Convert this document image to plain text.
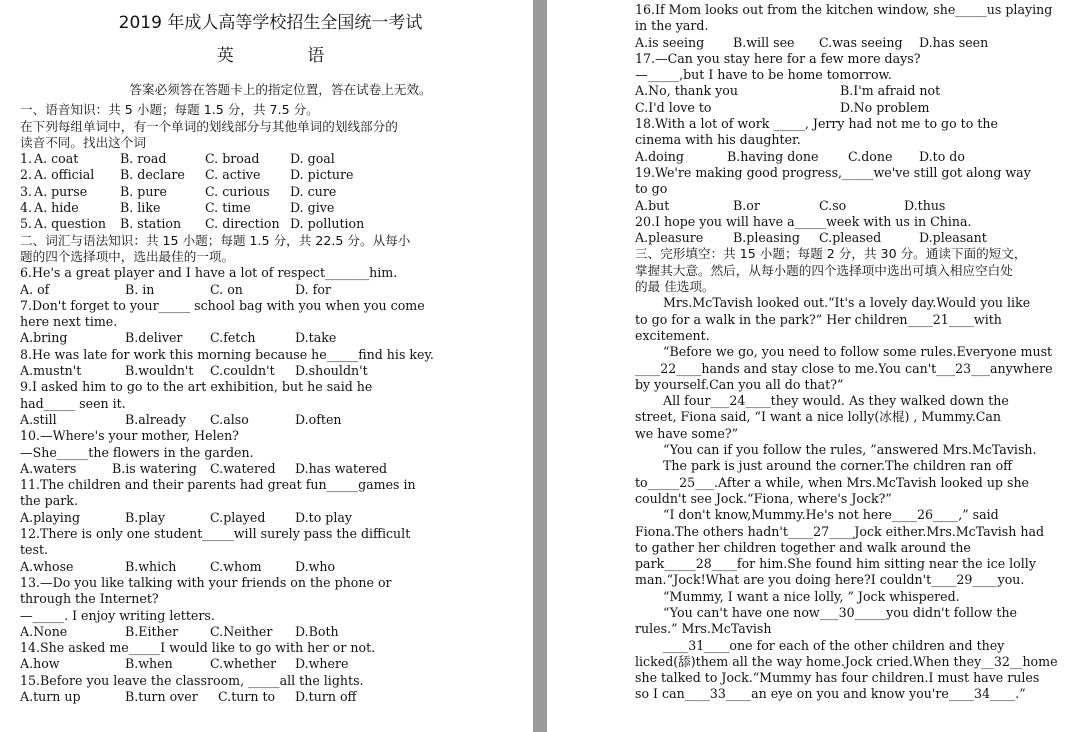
2019 年成人高等学校招生全国统一考试
英 语
答案必须答在答题卡上的指定位置，答在试卷上无效。
一、语音知识：共 5 小题；每题 1.5 分，共 7.5 分。
在下列每组单词中，有一个单词的划线部分与其他单词的划线部分的
读音不同。找出这个词
1. A. coat	B. road	C. broad	D. goal
2. A. official	B. declare	C. active	D. picture
3. A. purse	B. pure	C. curious	D. cure
4. A. hide	B. like	C. time	D. give
5. A. question	B. station	C. direction D. pollution
二、词汇与语法知识：共 15 小题；每题 1.5 分，共 22.5 分。从每小
题的四个选择项中，选出最佳的一项。
6.He's a great player and I have a lot of respect_______him.
A. of	B. in	C. on	D. for
7.Don't forget to your_____ school bag with you when you come
here next time.
A.bring	B.deliver	C.fetch	D.take
8.He was late for work this morning because he_____find his key.
A.mustn't	B.wouldn't	C.couldn't	D.shouldn't
9.I asked him to go to the art exhibition, but he said he
had_____ seen it.
A.still	B.already	C.also	D.often
10.—Where's your mother, Helen?
—She_____the flowers in the garden.
A.waters	B.is watering	C.watered	D.has watered
11.The children and their parents had great fun_____games in
the park.
A.playing	B.play	C.played	D.to play
12.There is only one student_____will surely pass the difficult
test.
A.whose	B.which	C.whom	D.who
13.—Do you like talking with your friends on the phone or
through the Internet?
—_____. I enjoy writing letters.
A.None	B.Either	C.Neither	D.Both
14.She asked me_____I would like to go with her or not.
A.how	B.when	C.whether	D.where
15.Before you leave the classroom, _____all the lights.
A.turn up	B.turn over	C.turn to	D.turn off
16.If Mom looks out from the kitchen window, she_____us playing
in the yard.
A.is seeing	B.will see	C.was seeing	D.has seen
17.—Can you stay here for a few more days?
—_____,but I have to be home tomorrow.
A.No, thank you	B.I'm afraid not
C.I'd love to	D.No problem
18.With a lot of work _____, Jerry had not me to go to the
cinema with his daughter.
A.doing	B.having done	C.done	D.to do
19.We're making good progress,_____we've still got along way
to go
A.but	B.or	C.so	D.thus
20.I hope you will have a_____week with us in China.
A.pleasure	B.pleasing	C.pleased	D.pleasant
三、完形填空：共 15 小题；每题 2 分，共 30 分。通读下面的短文，
掌握其大意。然后，从每小题的四个选择项中选出可填入相应空白处
的最 佳选项。
Mrs.McTavish looked out.“It's a lovely day.Would you like
to go for a walk in the park?” Her children____21____with
excitement.
“Before we go, you need to follow some rules.Everyone must
____22____hands and stay close to me.You can't___23___anywhere
by yourself.Can you all do that?”
All four___24____they would. As they walked down the
street, Fiona said, “I want a nice lolly(冰棍) , Mummy.Can
we have some?”
“You can if you follow the rules, ”answered Mrs.McTavish.
The park is just around the corner.The children ran off
to_____25___.After a while, when Mrs.McTavish looked up she
couldn't see Jock.“Fiona, where's Jock?”
“I don't know,Mummy.He's not here____26____,” said
Fiona.The others hadn't____27____Jock either.Mrs.McTavish had
to gather her children together and walk around the
park_____28____for him.She found him sitting near the ice lolly
man.“Jock!What are you doing here?I couldn't____29____you.
“Mummy, I want a nice lolly, ” Jock whispered.
“You can't have one now___30_____you didn't follow the
rules.” Mrs.McTavish
____31____one for each of the other children and they
licked(舔)them all the way home.Jock cried.When they__32__home
she talked to Jock.“Mummy has four children.I must have rules
so I can____33____an eye on you and know you're____34____.”
